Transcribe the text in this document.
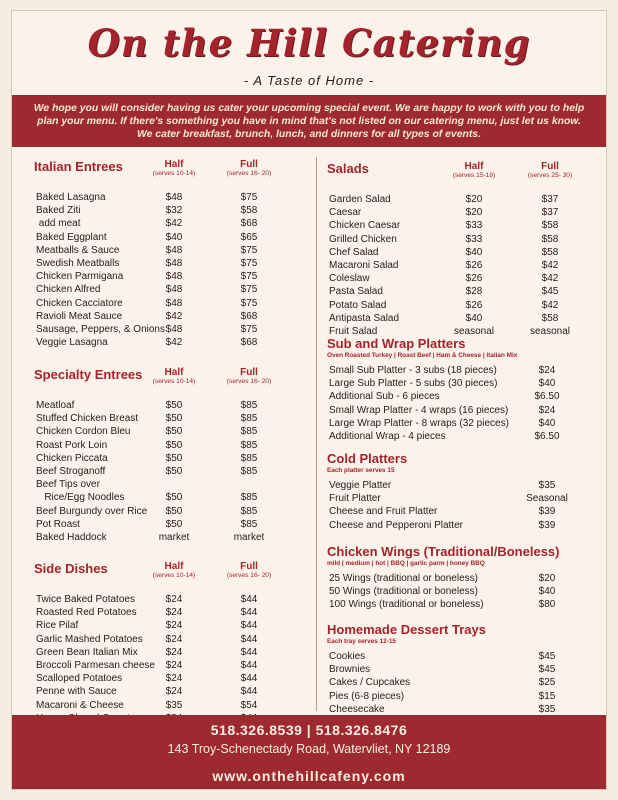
On the Hill Catering
- A Taste of Home -

We hope you will consider having us cater your upcoming special event. We are happy to work with you to help

plan your menu. If there's something you have in mind that's not listed on our catering menu, just let us know.

We cater breakfast, brunch, lunch, and dinners for all types of events.

Italian Entrees	Half
(serves 10-14)
Full
(serves 16- 20)
Baked Lasagna	$48	$75
Baked Ziti	$32	$58
add meat	$42	$68
Baked Eggplant	$40	$65
Meatballs & Sauce	$48	$75
Swedish Meatballs	$48	$75
Chicken Parmigana	$48	$75
Chicken Alfred	$48	$75
Chicken Cacciatore	$48	$75
Ravioli Meat Sauce	$42	$68
Sausage, Peppers, & Onions $48	$75
Veggie Lasagna	$42	$68
Specialty Entrees	Half
(serves 10-14)
Full
(serves 16- 20)
Meatloaf	$50	$85
Stuffed Chicken Breast	$50	$85
Chicken Cordon Bleu	$50	$85
Roast Pork Loin	$50	$85
Chicken Piccata	$50	$85
Beef Stroganoff	$50	$85
Beef Tips over
Rice/Egg Noodles	$50	$85
Beef Burgundy over Rice	$50	$85
Pot Roast	$50	$85
Baked Haddock	market	market
Side Dishes	Half
(serves 10-14)
Full
(serves 16- 20)
Twice Baked Potatoes	$24	$44
Roasted Red Potatoes	$24	$44
Rice Pilaf	$24	$44
Garlic Mashed Potatoes	$24	$44
Green Bean Italian Mix	$24	$44
Broccoli Parmesan cheese	$24	$44
Scalloped Potatoes	$24	$44
Penne with Sauce	$24	$44
Macaroni & Cheese	$35	$54
Salads	Half
(serves 15-18)
Full
(serves 25- 30)
Garden Salad	$20	$37
Caesar	$20	$37
Chicken Caesar	$33	$58
Grilled Chicken	$33	$58
Chef Salad	$40	$58
Macaroni Salad	$26	$42
Coleslaw	$26	$42
Pasta Salad	$28	$45
Potato Salad	$26	$42
Antipasta Salad	$40	$58
Fruit Salad	seasonal	seasonal
Sub and Wrap Platters
Oven Roasted Turkey | Roast Beef | Ham & Cheese | Italian Mix
Small Sub Platter - 3 subs (18 pieces)	$24
Large Sub Platter - 5 subs (30 pieces)	$40
Additional Sub - 6 pieces	$6.50
Small Wrap Platter - 4 wraps (16 pieces)	$24
Large Wrap Platter - 8 wraps (32 pieces)	$40
Additional Wrap - 4 pieces	$6.50
Cold Platters
Each platter serves 15
Veggie Platter	$35
Fruit Platter	Seasonal
Cheese and Fruit Platter	$39
Cheese and Pepperoni Platter	$39
Chicken Wings (Traditional/Boneless)
mild | medium | hot | BBQ | garlic parm | honey BBQ
25 Wings (traditional or boneless)	$20
50 Wings (traditional or boneless)	$40
100 Wings (traditional or boneless)	$80
Homemade Dessert Trays
Each tray serves 12-15
Cookies	$45
Brownies	$45
Cakes / Cupcakes	$25
Pies (6-8 pieces)	$15
Cheesecake	$35
518.326.8539 | 518.326.8476
143 Troy-Schenectady Road, Watervliet, NY 12189
www.onthehillcafeny.com
